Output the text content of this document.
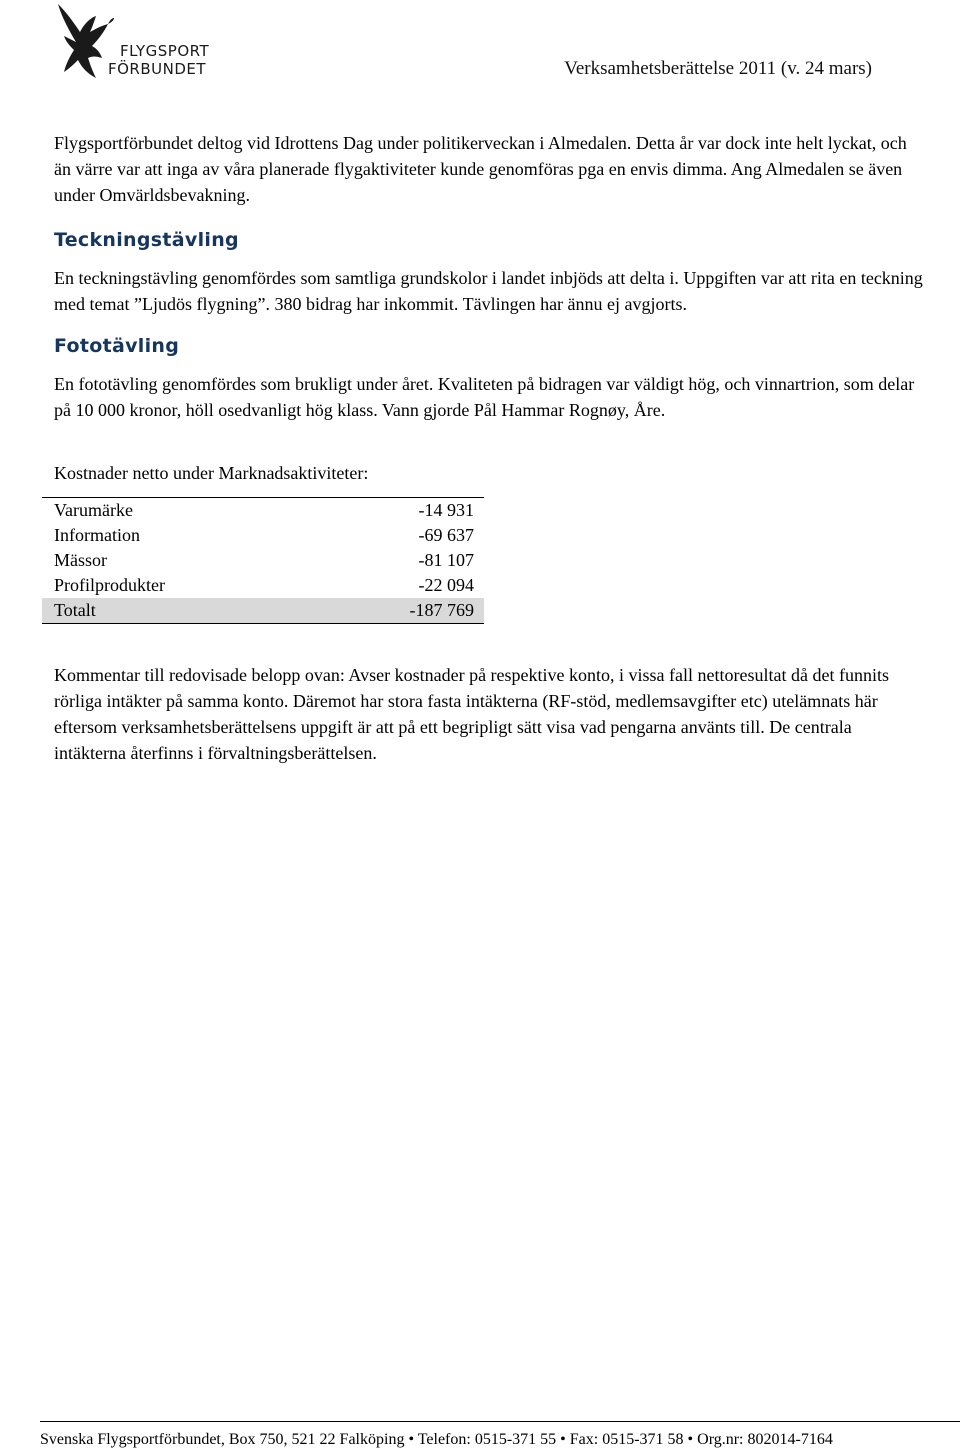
FLYGSPORT
FÖRBUNDET	Verksamhetsberättelse 2011 (v. 24 mars)

Flygsportförbundet deltog vid Idrottens Dag under politikerveckan i Almedalen. Detta år var dock inte helt lyckat, och än värre var att inga av våra planerade flygaktiviteter kunde genomföras pga en envis dimma. Ang Almedalen se även under Omvärldsbevakning.

Teckningstävling

En teckningstävling genomfördes som samtliga grundskolor i landet inbjöds att delta i. Uppgiften var att rita en teckning med temat ”Ljudös flygning”. 380 bidrag har inkommit. Tävlingen har ännu ej avgjorts.

Fototävling

En fototävling genomfördes som brukligt under året. Kvaliteten på bidragen var väldigt hög, och vinnartrion, som delar på 10 000 kronor, höll osedvanligt hög klass. Vann gjorde Pål Hammar Rognøy, Åre.

Kostnader netto under Marknadsaktiviteter:

Kommentar till redovisade belopp ovan: Avser kostnader på respektive konto, i vissa fall nettoresultat då det funnits rörliga intäkter på samma konto. Däremot har stora fasta intäkterna (RF-stöd, medlemsavgifter etc) utelämnats här eftersom verksamhetsberättelsens uppgift är att på ett begripligt sätt visa vad pengarna använts till. De centrala intäkterna återfinns i förvaltningsberättelsen.

Varumärke	-14 931
Information	-69 637
Mässor	-81 107
Profilprodukter	-22 094
Totalt	-187 769
Svenska Flygsportförbundet, Box 750, 521 22 Falköping • Telefon: 0515-371 55 • Fax: 0515-371 58 • Org.nr: 802014-7164
